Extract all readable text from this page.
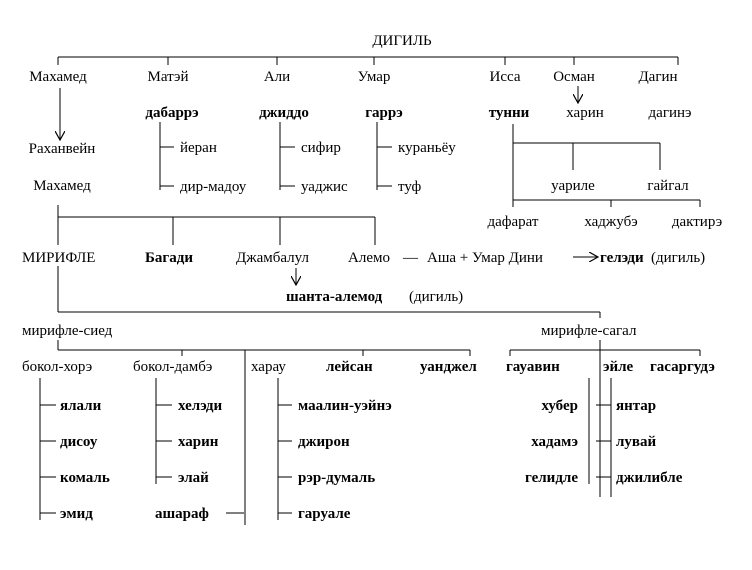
ДИГИЛЬ
Махамед	Матэй	Али	Умар	Исса Осман	Дагин
дабаррэ	джиддо	гаррэ	тунни харин	дагинэ
йеран
дир-мадоу
сифир
уаджис
кураньёу
туф	уариле	гайгал
дафарат	хаджубэ дактирэ
Раханвейн
Махамед
МИРИФЛЕ	Багади	Джамбалул	Алемо — Аша + Умар Дини	гелэди (дигиль)
шанта-алемод (дигиль)
мирифле-сиед	мирифле-сагал
бокол-хорэ	бокол-дамбэ	харау	лейсан	уанджел гауавин	эйле гасаргудэ
ялали
дисоу
комаль
эмид
хелэди
харин
элай
ашараф
маалин-уэйнэ
джирон
рэр-думаль
гаруале
хубер
хадамэ
гелидле
янтар
лувай
джилибле
